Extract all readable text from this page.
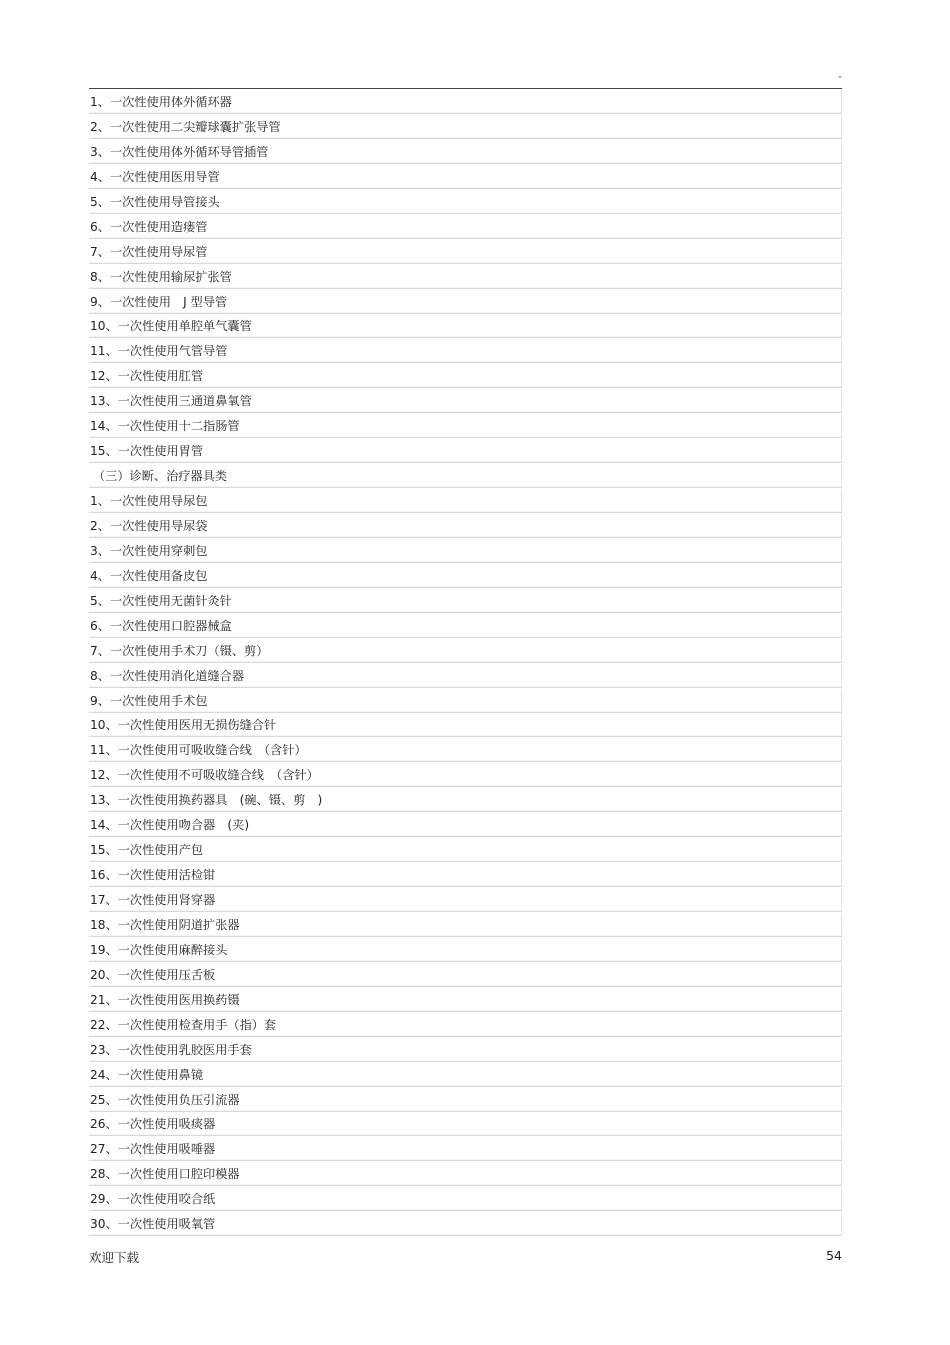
-
1、一次性使用体外循环器
2、一次性使用二尖瓣球囊扩张导管
3、一次性使用体外循环导管插管
4、一次性使用医用导管
5、一次性使用导管接头
6、一次性使用造瘘管
7、一次性使用导尿管
8、一次性使用输尿扩张管
9、一次性使用　J 型导管
10、一次性使用单腔单气囊管
11、一次性使用气管导管
12、一次性使用肛管
13、一次性使用三通道鼻氧管
14、一次性使用十二指肠管
15、一次性使用胃管
（三）诊断、治疗器具类
1、一次性使用导尿包
2、一次性使用导尿袋
3、一次性使用穿刺包
4、一次性使用备皮包
5、一次性使用无菌针灸针
6、一次性使用口腔器械盒
7、一次性使用手术刀（镊、剪）
8、一次性使用消化道缝合器
9、一次性使用手术包
10、一次性使用医用无损伤缝合针
11、一次性使用可吸收缝合线　（含针）
12、一次性使用不可吸收缝合线　（含针）
13、一次性使用换药器具　(碗、镊、剪　)
14、一次性使用吻合器　(夹)
15、一次性使用产包
16、一次性使用活检钳
17、一次性使用肾穿器
18、一次性使用阴道扩张器
19、一次性使用麻醉接头
20、一次性使用压舌板
21、一次性使用医用换药镊
22、一次性使用检查用手（指）套
23、一次性使用乳胶医用手套
24、一次性使用鼻镜
25、一次性使用负压引流器
26、一次性使用吸痰器
27、一次性使用吸唾器
28、一次性使用口腔印模器
29、一次性使用咬合纸
30、一次性使用吸氧管
欢迎下载	54
